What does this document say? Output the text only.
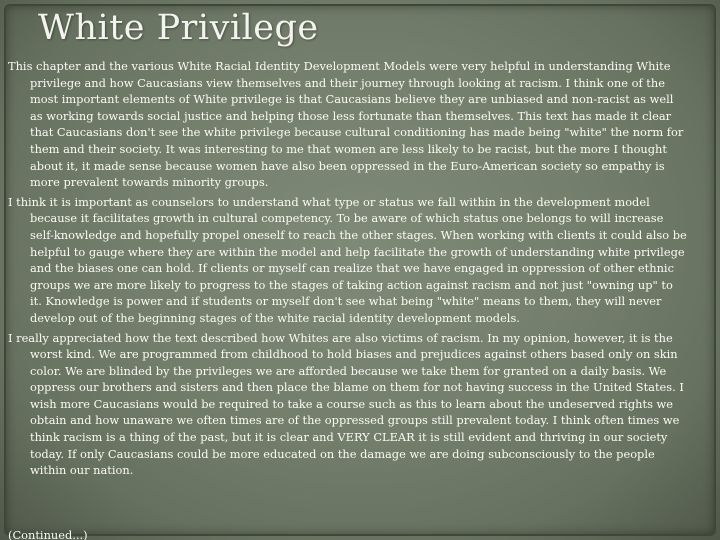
White Privilege

This chapter and the various White Racial Identity Development Models were very helpful in understanding White privilege and how Caucasians view themselves and their journey through looking at racism. I think one of the most important elements of White privilege is that Caucasians believe they are unbiased and non-racist as well as working towards social justice and helping those less fortunate than themselves. This text has made it clear that Caucasians don't see the white privilege because cultural conditioning has made being "white" the norm for them and their society. It was interesting to me that women are less likely to be racist, but the more I thought about it, it made sense because women have also been oppressed in the Euro-American society so empathy is more prevalent towards minority groups.

I think it is important as counselors to understand what type or status we fall within in the development model because it facilitates growth in cultural competency. To be aware of which status one belongs to will increase self-knowledge and hopefully propel oneself to reach the other stages. When working with clients it could also be helpful to gauge where they are within the model and help facilitate the growth of understanding white privilege and the biases one can hold. If clients or myself can realize that we have engaged in oppression of other ethnic groups we are more likely to progress to the stages of taking action against racism and not just "owning up" to it. Knowledge is power and if students or myself don't see what being "white" means to them, they will never develop out of the beginning stages of the white racial identity development models.

I really appreciated how the text described how Whites are also victims of racism. In my opinion, however, it is the worst kind. We are programmed from childhood to hold biases and prejudices against others based only on skin color. We are blinded by the privileges we are afforded because we take them for granted on a daily basis. We oppress our brothers and sisters and then place the blame on them for not having success in the United States. I wish more Caucasians would be required to take a course such as this to learn about the undeserved rights we obtain and how unaware we often times are of the oppressed groups still prevalent today. I think often times we think racism is a thing of the past, but it is clear and VERY CLEAR it is still evident and thriving in our society today. If only Caucasians could be more educated on the damage we are doing subconsciously to the people within our nation.

(Continued...)
